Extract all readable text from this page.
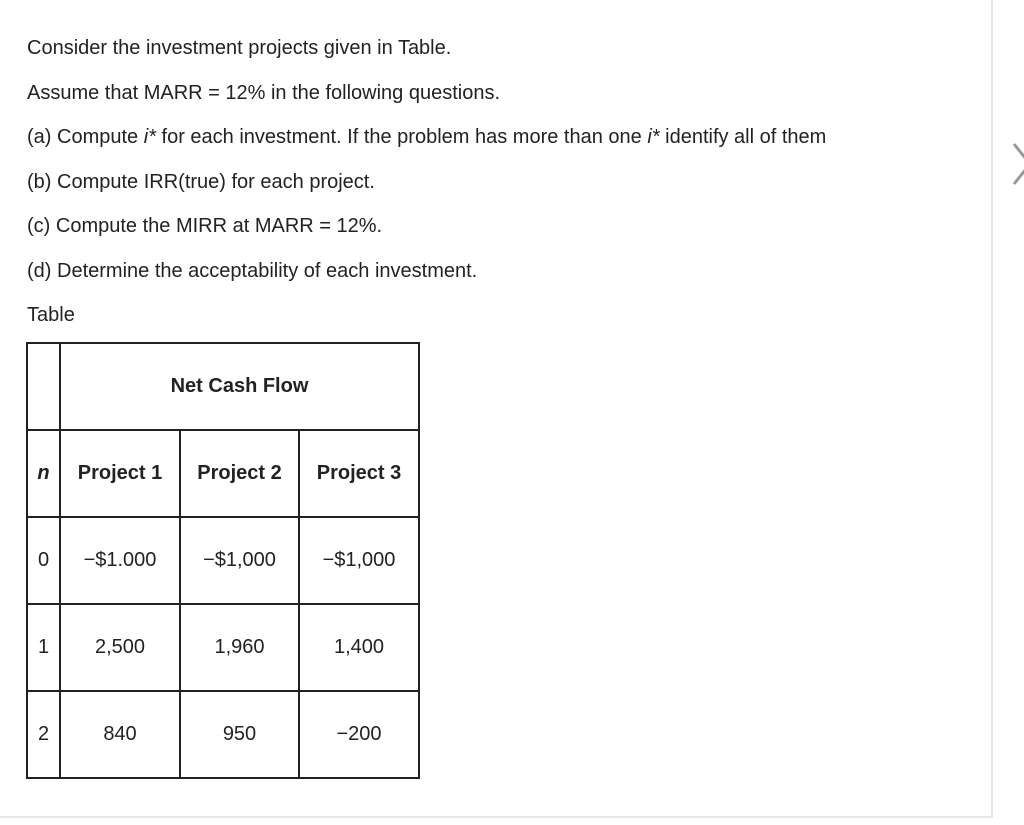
Consider the investment projects given in Table.

Assume that MARR = 12% in the following questions.

(a) Compute i* for each investment. If the problem has more than one i* identify all of them

(b) Compute IRR(true) for each project.

(c) Compute the MIRR at MARR = 12%.

(d) Determine the acceptability of each investment.

Table

	Net Cash Flow		
n	Project 1	Project 2	Project 3
0	−$1.000	−$1,000	−$1,000
1	2,500	1,960	1,400
2	840	950	−200
